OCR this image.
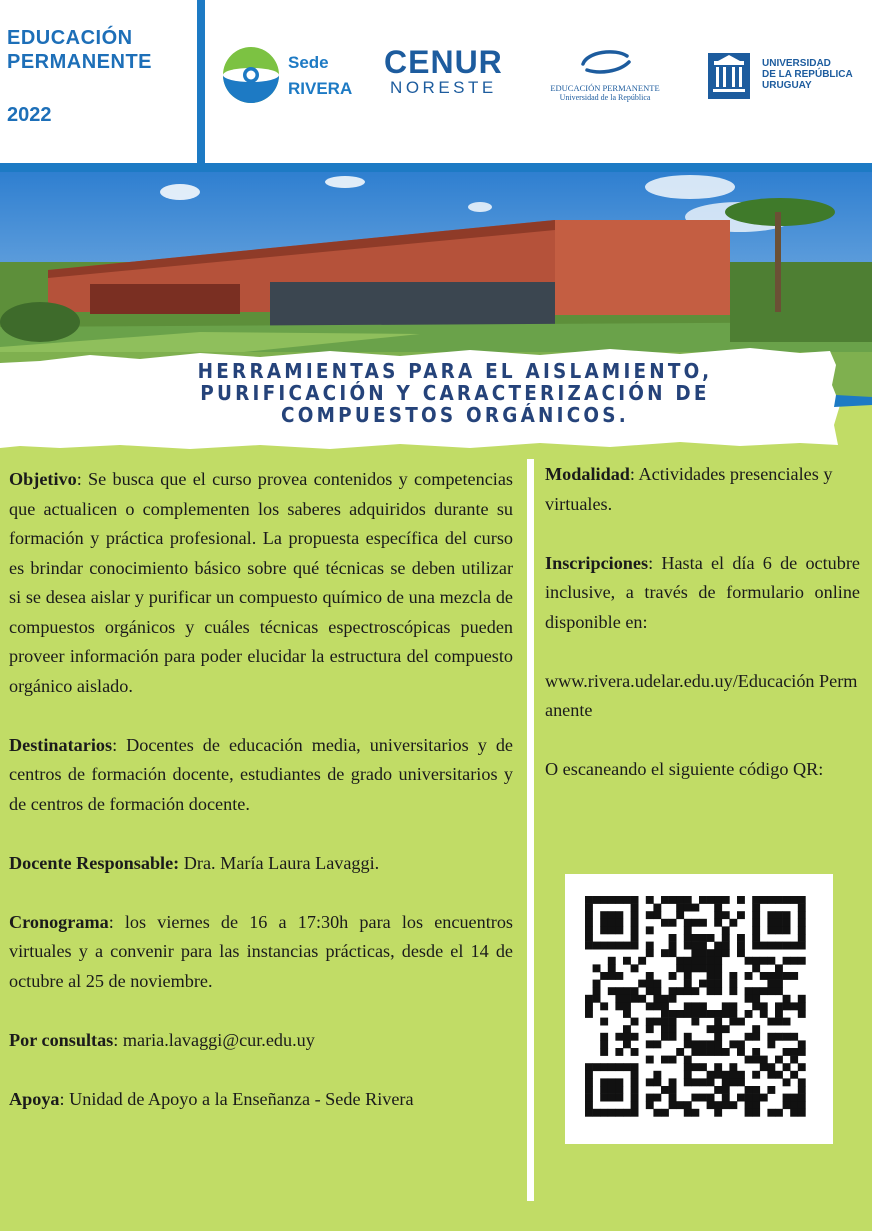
EDUCACIÓN
PERMANENTE
2022
Sede
RIVERA
CENUR
NORESTE	EDUCACIÓN PERMANENTE
Universidad de la República
UNIVERSIDAD
DE LA REPÚBLICA
URUGUAY
HERRAMIENTAS PARA EL AISLAMIENTO,
PURIFICACIÓN Y CARACTERIZACIÓN DE
COMPUESTOS ORGÁNICOS.

Objetivo: Se busca que el curso provea contenidos y competencias que actualicen o complementen los saberes adquiridos durante su formación y práctica profesional. La propuesta específica del curso es brindar conocimiento básico sobre qué técnicas se deben utilizar si se desea aislar y purificar un compuesto químico de una mezcla de compuestos orgánicos y cuáles técnicas espectroscópicas pueden proveer información para poder elucidar la estructura del compuesto orgánico aislado.

Destinatarios: Docentes de educación media, universitarios y de centros de formación docente, estudiantes de grado universitarios y de centros de formación docente.

Docente Responsable: Dra. María Laura Lavaggi.

Cronograma: los viernes de 16 a 17:30h para los encuentros virtuales y a convenir para las instancias prácticas, desde el 14 de octubre al 25 de noviembre.

Por consultas: maria.lavaggi@cur.edu.uy

Apoya: Unidad de Apoyo a la Enseñanza - Sede Rivera

Modalidad: Actividades presenciales y virtuales.

Inscripciones: Hasta el día 6 de octubre inclusive, a través de formulario online disponible en:

www.rivera.udelar.edu.uy/Educación Permanente

O escaneando el siguiente código QR:
